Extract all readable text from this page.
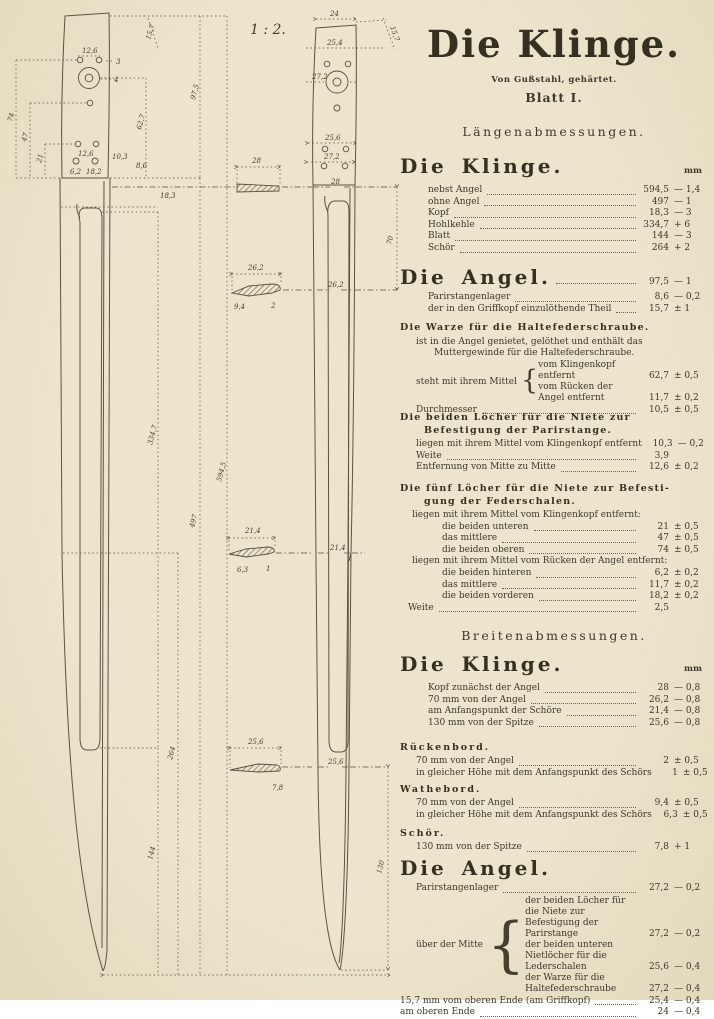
15,7
12,6
3
4
62,7
74
47
21	12,6	10,3
8,6
6,2 18,2
18,3
97,5
334,7
144
264
497
594,5
24
25,4
15,7
27,2
25,6
27,2
28
26,2
70
21,4
25,6
130
28
26,2
9,4	2
21,4
6,3	1
25,6
7,8
1 : 2.	Die Klinge.
Von Gußstahl, gehärtet.
Blatt I.
Längenabmessungen.
Die Klinge.	mm
nebst Angel	594,5 — 1,4
ohne Angel	497 — 1
Kopf	18,3 — 3
Hohlkehle	334,7 + 6
Blatt	144 — 3
Schör	264 + 2
Die Angel.	97,5 — 1
Parirstangenlager	8,6 — 0,2
der in den Griffkopf einzulöthende Theil	15,7 ± 1
Die Warze für die Haltefederschraube.
ist in die Angel genietet, gelöthet und enthält das
Muttergewinde für die Haltefederschraube.
steht mit ihrem Mittel {
vom Klingenkopf entfernt	62,7 ± 0,5
vom Rücken der Angel entfernt	11,7 ± 0,2
Durchmesser	10,5 ± 0,5
Die beiden Löcher für die Niete zur Befestigung der Parirstange.
liegen mit ihrem Mittel vom Klingenkopf entfernt	10,3 — 0,2
Weite	3,9
Entfernung von Mitte zu Mitte	12,6 ± 0,2
Die fünf Löcher für die Niete zur Befestigung der Federschalen.
liegen mit ihrem Mittel vom Klingenkopf entfernt:
die beiden unteren	21 ± 0,5
das mittlere	47 ± 0,5
die beiden oberen	74 ± 0,5
liegen mit ihrem Mittel vom Rücken der Angel entfernt:
die beiden hinteren	6,2 ± 0,2
das mittlere	11,7 ± 0,2
die beiden vorderen	18,2 ± 0,2
Weite	2,5
Breitenabmessungen.
Die Klinge.	mm
Kopf zunächst der Angel	28 — 0,8
70 mm von der Angel	26,2 — 0,8
am Anfangspunkt der Schöre	21,4 — 0,8
130 mm von der Spitze	25,6 — 0,8
Rückenbord.
70 mm von der Angel	2 ± 0,5
in gleicher Höhe mit dem Anfangspunkt des Schörs	1 ± 0,5
Wathebord.
70 mm von der Angel	9,4 ± 0,5
in gleicher Höhe mit dem Anfangspunkt des Schörs	6,3 ± 0,5
Schör.
130 mm von der Spitze	7,8 + 1
Die Angel.
Parirstangenlager	27,2 — 0,2
über der Mitte {
der beiden Löcher für die Niete zur Befestigung der Parirstange	27,2 — 0,2
der beiden unteren Nietlöcher für die Lederschalen	25,6 — 0,4
der Warze für die Haltefederschraube	27,2 — 0,4
15,7 mm vom oberen Ende (am Griffkopf)	25,4 — 0,4
am oberen Ende	24 — 0,4
